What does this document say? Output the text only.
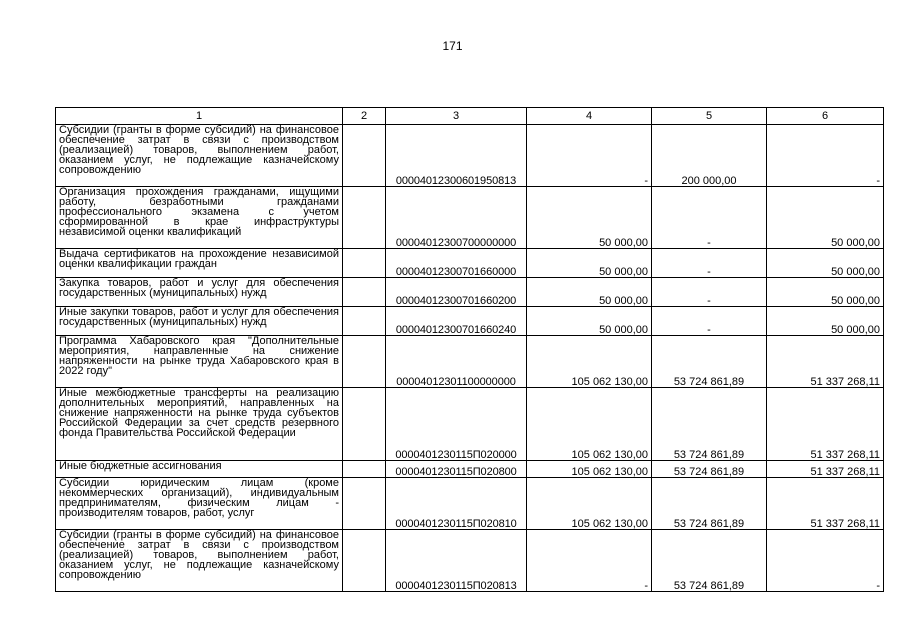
171
1	2	3	4	5	6
Субсидии (гранты в форме субсидий) на финансовое обеспечение затрат в связи с производством (реализацией) товаров, выполнением работ, оказанием услуг, не подлежащие казначейскому сопровождению		00004012300601950813	-	200 000,00	-
Организация прохождения гражданами, ищущими работу, безработными гражданами профессионального экзамена с учетом сформированной в крае инфраструктуры независимой оценки квалификаций		00004012300700000000	50 000,00	-	50 000,00
Выдача сертификатов на прохождение независимой оценки квалификации граждан		00004012300701660000	50 000,00	-	50 000,00
Закупка товаров, работ и услуг для обеспечения государственных (муниципальных) нужд		00004012300701660200	50 000,00	-	50 000,00
Иные закупки товаров, работ и услуг для обеспечения государственных (муниципальных) нужд		00004012300701660240	50 000,00	-	50 000,00
Программа Хабаровского края "Дополнительные мероприятия, направленные на снижение напряженности на рынке труда Хабаровского края в 2022 году"		00004012301100000000	105 062 130,00	53 724 861,89	51 337 268,11
Иные межбюджетные трансферты на реализацию дополнительных мероприятий, направленных на снижение напряженности на рынке труда субъектов Российской Федерации за счет средств резервного фонда Правительства Российской Федерации		0000401230115П020000	105 062 130,00	53 724 861,89	51 337 268,11
Иные бюджетные ассигнования		0000401230115П020800	105 062 130,00	53 724 861,89	51 337 268,11
Субсидии юридическим лицам (кроме некоммерческих организаций), индивидуальным предпринимателям, физическим лицам - производителям товаров, работ, услуг		0000401230115П020810	105 062 130,00	53 724 861,89	51 337 268,11
Субсидии (гранты в форме субсидий) на финансовое обеспечение затрат в связи с производством (реализацией) товаров, выполнением работ, оказанием услуг, не подлежащие казначейскому сопровождению		0000401230115П020813	-	53 724 861,89	-
